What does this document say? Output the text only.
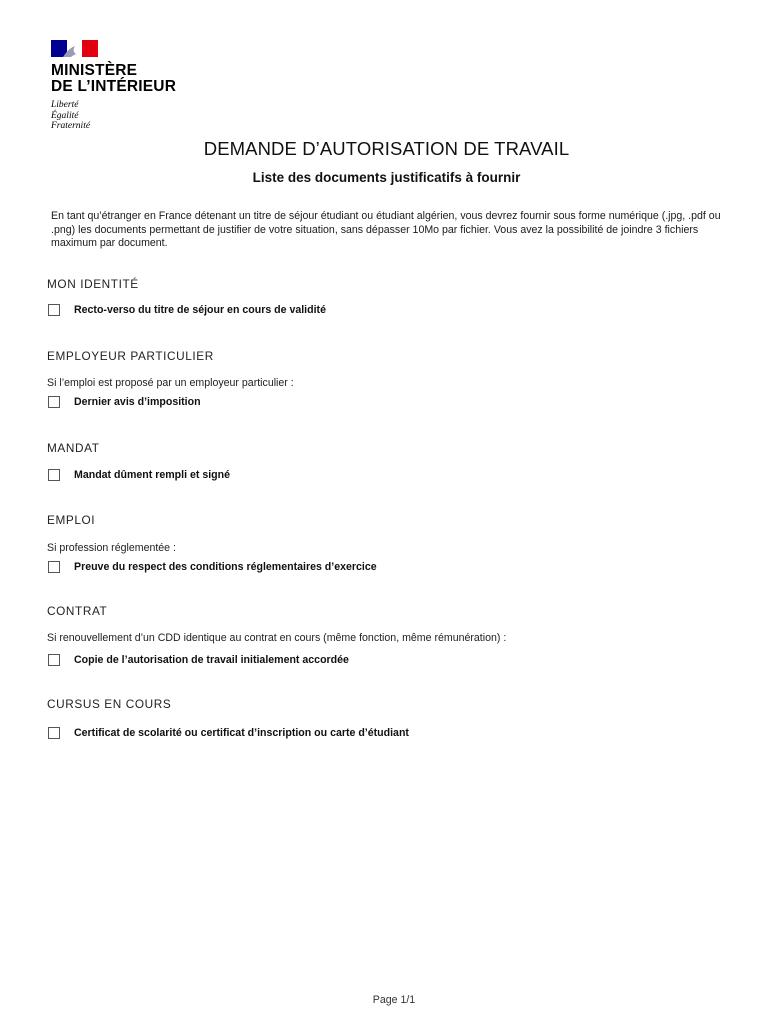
MINISTÈRE
DE L’INTÉRIEUR
Liberté
Égalité
Fraternité
DEMANDE D’AUTORISATION DE TRAVAIL
Liste des documents justificatifs à fournir
En tant qu’étranger en France détenant un titre de séjour étudiant ou étudiant algérien, vous devrez fournir sous forme numérique (.jpg, .pdf ou .png) les documents permettant de justifier de votre situation, sans dépasser 10Mo par fichier. Vous avez la possibilité de joindre 3 fichiers maximum par document.
MON IDENTITÉ
Recto-verso du titre de séjour en cours de validité
EMPLOYEUR PARTICULIER
Si l’emploi est proposé par un employeur particulier :
Dernier avis d’imposition
MANDAT
Mandat dûment rempli et signé
EMPLOI
Si profession réglementée :
Preuve du respect des conditions réglementaires d’exercice
CONTRAT
Si renouvellement d’un CDD identique au contrat en cours (même fonction, même rémunération) :
Copie de l’autorisation de travail initialement accordée
CURSUS EN COURS
Certificat de scolarité ou certificat d’inscription ou carte d’étudiant
Page 1/1
